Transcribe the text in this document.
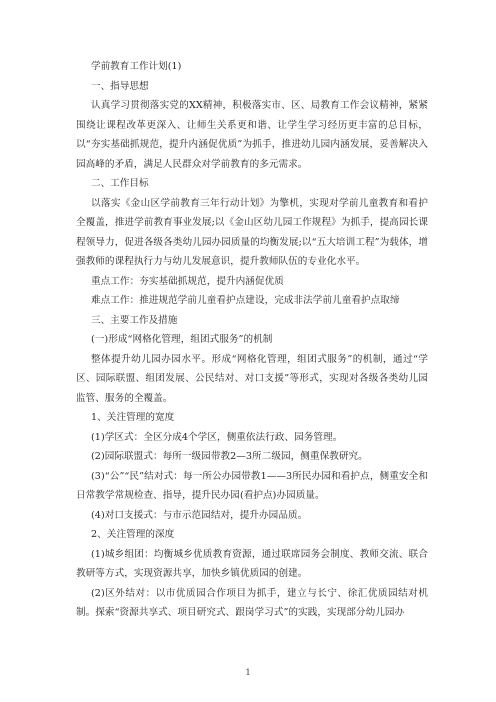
学前教育工作计划(1)

一、指导思想

认真学习贯彻落实党的XX精神，积极落实市、区、局教育工作会议精神，紧紧围绕让课程改革更深入、让师生关系更和谐、让学生学习经历更丰富的总目标，以“夯实基础抓规范，提升内涵促优质”为抓手，推进幼儿园内涵发展，妥善解决入园高峰的矛盾，满足人民群众对学前教育的多元需求。

二、工作目标

以落实《金山区学前教育三年行动计划》为擎机，实现对学前儿童教育和看护全覆盖，推进学前教育事业发展;以《金山区幼儿园工作规程》为抓手，提高园长课程领导力，促进各级各类幼儿园办园质量的均衡发展;以“五大培训工程”为载体，增强教师的课程执行力与幼儿发展意识，提升教师队伍的专业化水平。

重点工作：夯实基础抓规范，提升内涵促优质

难点工作：推进规范学前儿童看护点建设，完成非法学前儿童看护点取缔

三、主要工作及措施

(一)形成“网格化管理，组团式服务”的机制

整体提升幼儿园办园水平。形成“网格化管理，组团式服务”的机制，通过“学区、园际联盟、组团发展、公民结对、对口支援”等形式，实现对各级各类幼儿园监管、服务的全覆盖。

1、关注管理的宽度

(1)学区式：全区分成4个学区，侧重依法行政、园务管理。

(2)园际联盟式：每所一级园带教2—3所二级园，侧重保教研究。

(3)“公”“民”结对式：每一所公办园带教1——3所民办园和看护点，侧重安全和日常教学常规检查、指导，提升民办园(看护点)办园质量。

(4)对口支援式：与市示范园结对，提升办园品质。

2、关注管理的深度

(1)城乡组团：均衡城乡优质教育资源，通过联席园务会制度、教师交流、联合教研等方式，实现资源共享，加快乡镇优质园的创建。

(2)区外结对：以市优质园合作项目为抓手，建立与长宁、徐汇优质园结对机制。探索“资源共享式、项目研究式、跟岗学习式”的实践，实现部分幼儿园办

1
